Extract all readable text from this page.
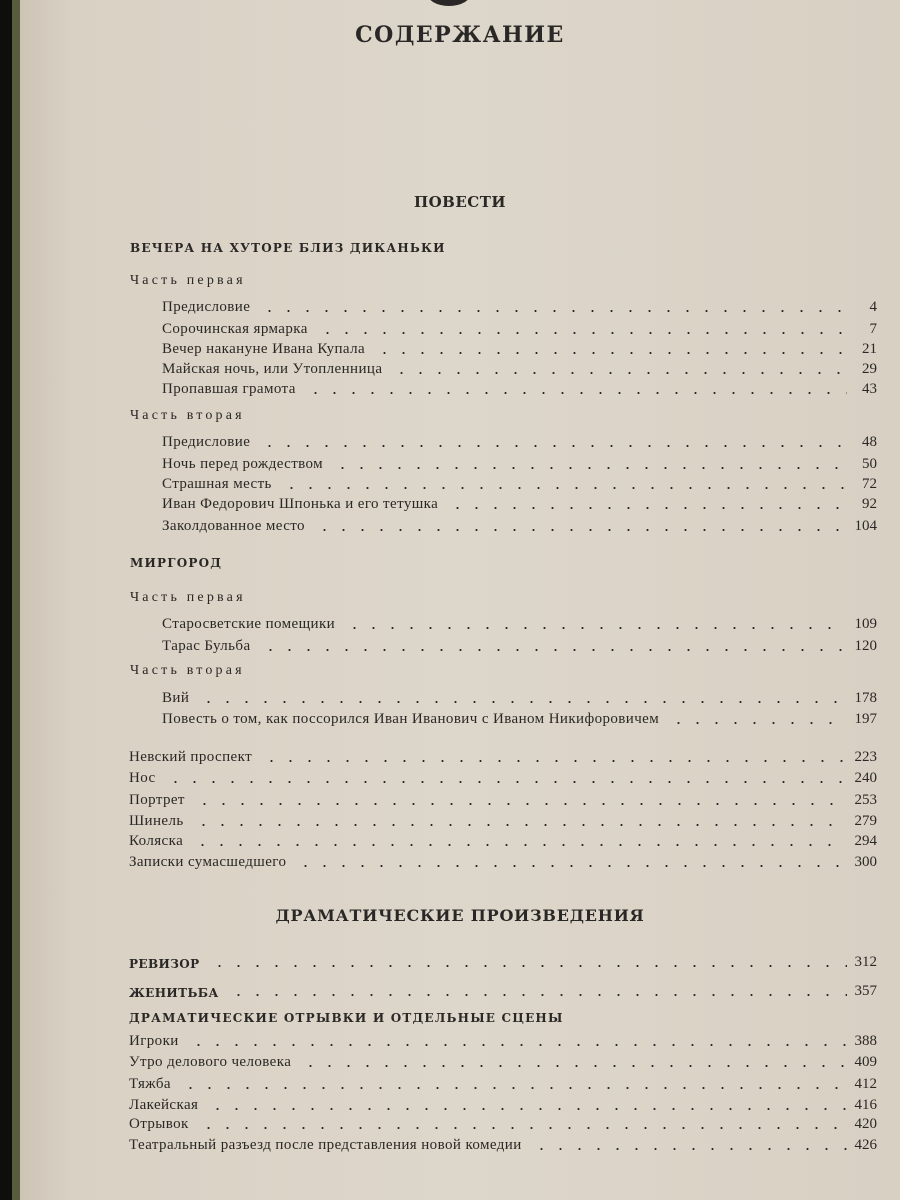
СОДЕРЖАНИЕ
ПОВЕСТИ
ВЕЧЕРА НА ХУТОРЕ БЛИЗ ДИКАНЬКИ
Часть первая
Предисловие	4
Сорочинская ярмарка	7
Вечер накануне Ивана Купала	21
Майская ночь, или Утопленница	29
Пропавшая грамота	43
Часть вторая
Предисловие	48
Ночь перед рождеством	50
Страшная месть	72
Иван Федорович Шпонька и его тетушка	92
Заколдованное место	104
МИРГОРОД
Часть первая
Старосветские помещики	109
Тарас Бульба	120
Часть вторая
Вий	178
Повесть о том, как поссорился Иван Иванович с Иваном Никифоровичем	197
Невский проспект	223
Нос	240
Портрет	253
Шинель	279
Коляска	294
Записки сумасшедшего	300
ДРАМАТИЧЕСКИЕ ПРОИЗВЕДЕНИЯ
РЕВИЗОР	312
ЖЕНИТЬБА	357
ДРАМАТИЧЕСКИЕ ОТРЫВКИ И ОТДЕЛЬНЫЕ СЦЕНЫ
Игроки	388
Утро делового человека	409
Тяжба	412
Лакейская	416
Отрывок	420
Театральный разъезд после представления новой комедии	426
